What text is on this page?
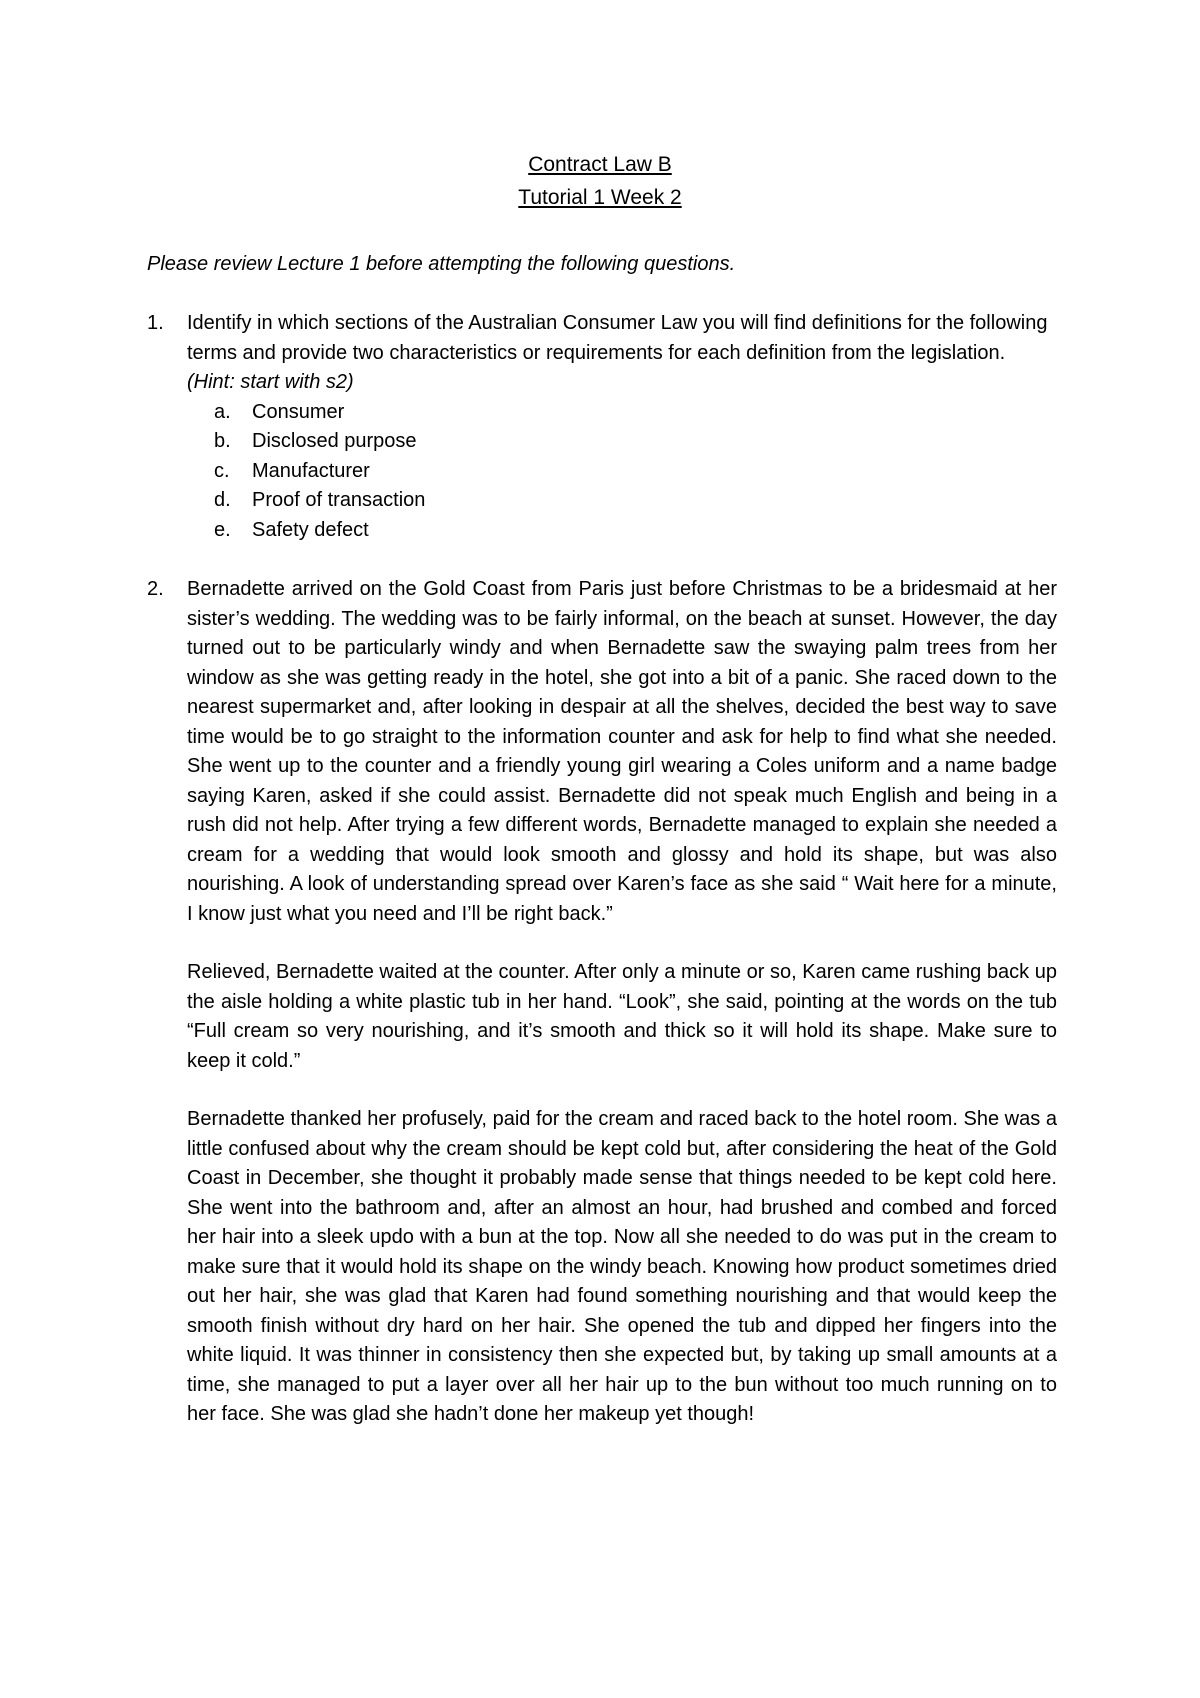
Contract Law B
Tutorial 1 Week 2
Please review Lecture 1 before attempting the following questions.
1. Identify in which sections of the Australian Consumer Law you will find definitions for the following terms and provide two characteristics or requirements for each definition from the legislation. (Hint: start with s2)
a. Consumer
b. Disclosed purpose
c. Manufacturer
d. Proof of transaction
e. Safety defect
2. Bernadette arrived on the Gold Coast from Paris just before Christmas to be a bridesmaid at her sister’s wedding. The wedding was to be fairly informal, on the beach at sunset. However, the day turned out to be particularly windy and when Bernadette saw the swaying palm trees from her window as she was getting ready in the hotel, she got into a bit of a panic. She raced down to the nearest supermarket and, after looking in despair at all the shelves, decided the best way to save time would be to go straight to the information counter and ask for help to find what she needed. She went up to the counter and a friendly young girl wearing a Coles uniform and a name badge saying Karen, asked if she could assist. Bernadette did not speak much English and being in a rush did not help. After trying a few different words, Bernadette managed to explain she needed a cream for a wedding that would look smooth and glossy and hold its shape, but was also nourishing. A look of understanding spread over Karen’s face as she said “ Wait here for a minute, I know just what you need and I’ll be right back.”

Relieved, Bernadette waited at the counter. After only a minute or so, Karen came rushing back up the aisle holding a white plastic tub in her hand. “Look”, she said, pointing at the words on the tub “Full cream so very nourishing, and it’s smooth and thick so it will hold its shape. Make sure to keep it cold.”

Bernadette thanked her profusely, paid for the cream and raced back to the hotel room. She was a little confused about why the cream should be kept cold but, after considering the heat of the Gold Coast in December, she thought it probably made sense that things needed to be kept cold here. She went into the bathroom and, after an almost an hour, had brushed and combed and forced her hair into a sleek updo with a bun at the top. Now all she needed to do was put in the cream to make sure that it would hold its shape on the windy beach. Knowing how product sometimes dried out her hair, she was glad that Karen had found something nourishing and that would keep the smooth finish without dry hard on her hair. She opened the tub and dipped her fingers into the white liquid. It was thinner in consistency then she expected but, by taking up small amounts at a time, she managed to put a layer over all her hair up to the bun without too much running on to her face. She was glad she hadn’t done her makeup yet though!
